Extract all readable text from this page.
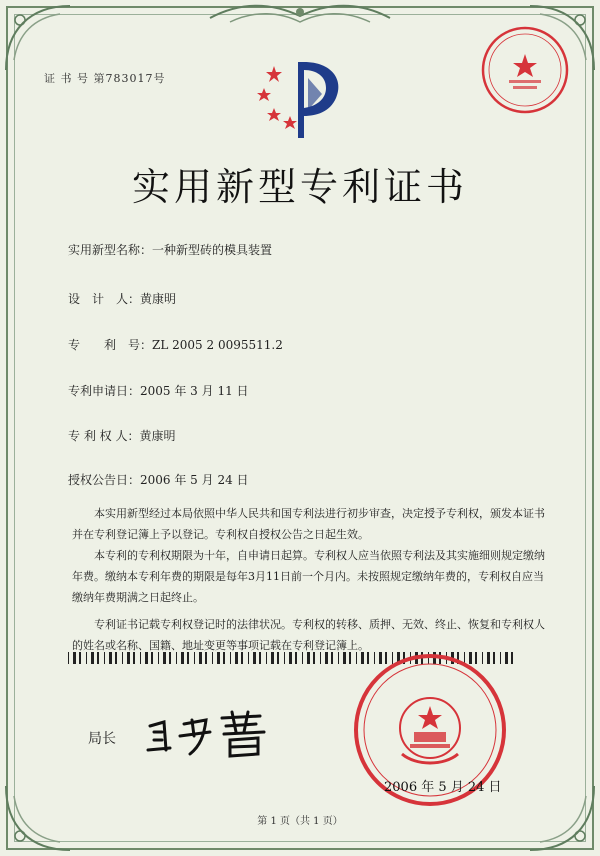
证 书 号 第783017号
实用新型专利证书
实用新型名称：一种新型砖的模具装置
设　计　人：黄康明
专　　利　号：ZL 2005 2 0095511.2
专利申请日：2005 年 3 月 11 日
专 利 权 人：黄康明
授权公告日：2006 年 5 月 24 日

本实用新型经过本局依照中华人民共和国专利法进行初步审查，决定授予专利权，颁发本证书并在专利登记簿上予以登记。专利权自授权公告之日起生效。

本专利的专利权期限为十年，自申请日起算。专利权人应当依照专利法及其实施细则规定缴纳年费。缴纳本专利年费的期限是每年3月11日前一个月内。未按照规定缴纳年费的，专利权自应当缴纳年费期满之日起终止。

专利证书记载专利权登记时的法律状况。专利权的转移、质押、无效、终止、恢复和专利权人的姓名或名称、国籍、地址变更等事项记载在专利登记簿上。

局长
2006 年 5 月 24 日
第 1 页（共 1 页）
